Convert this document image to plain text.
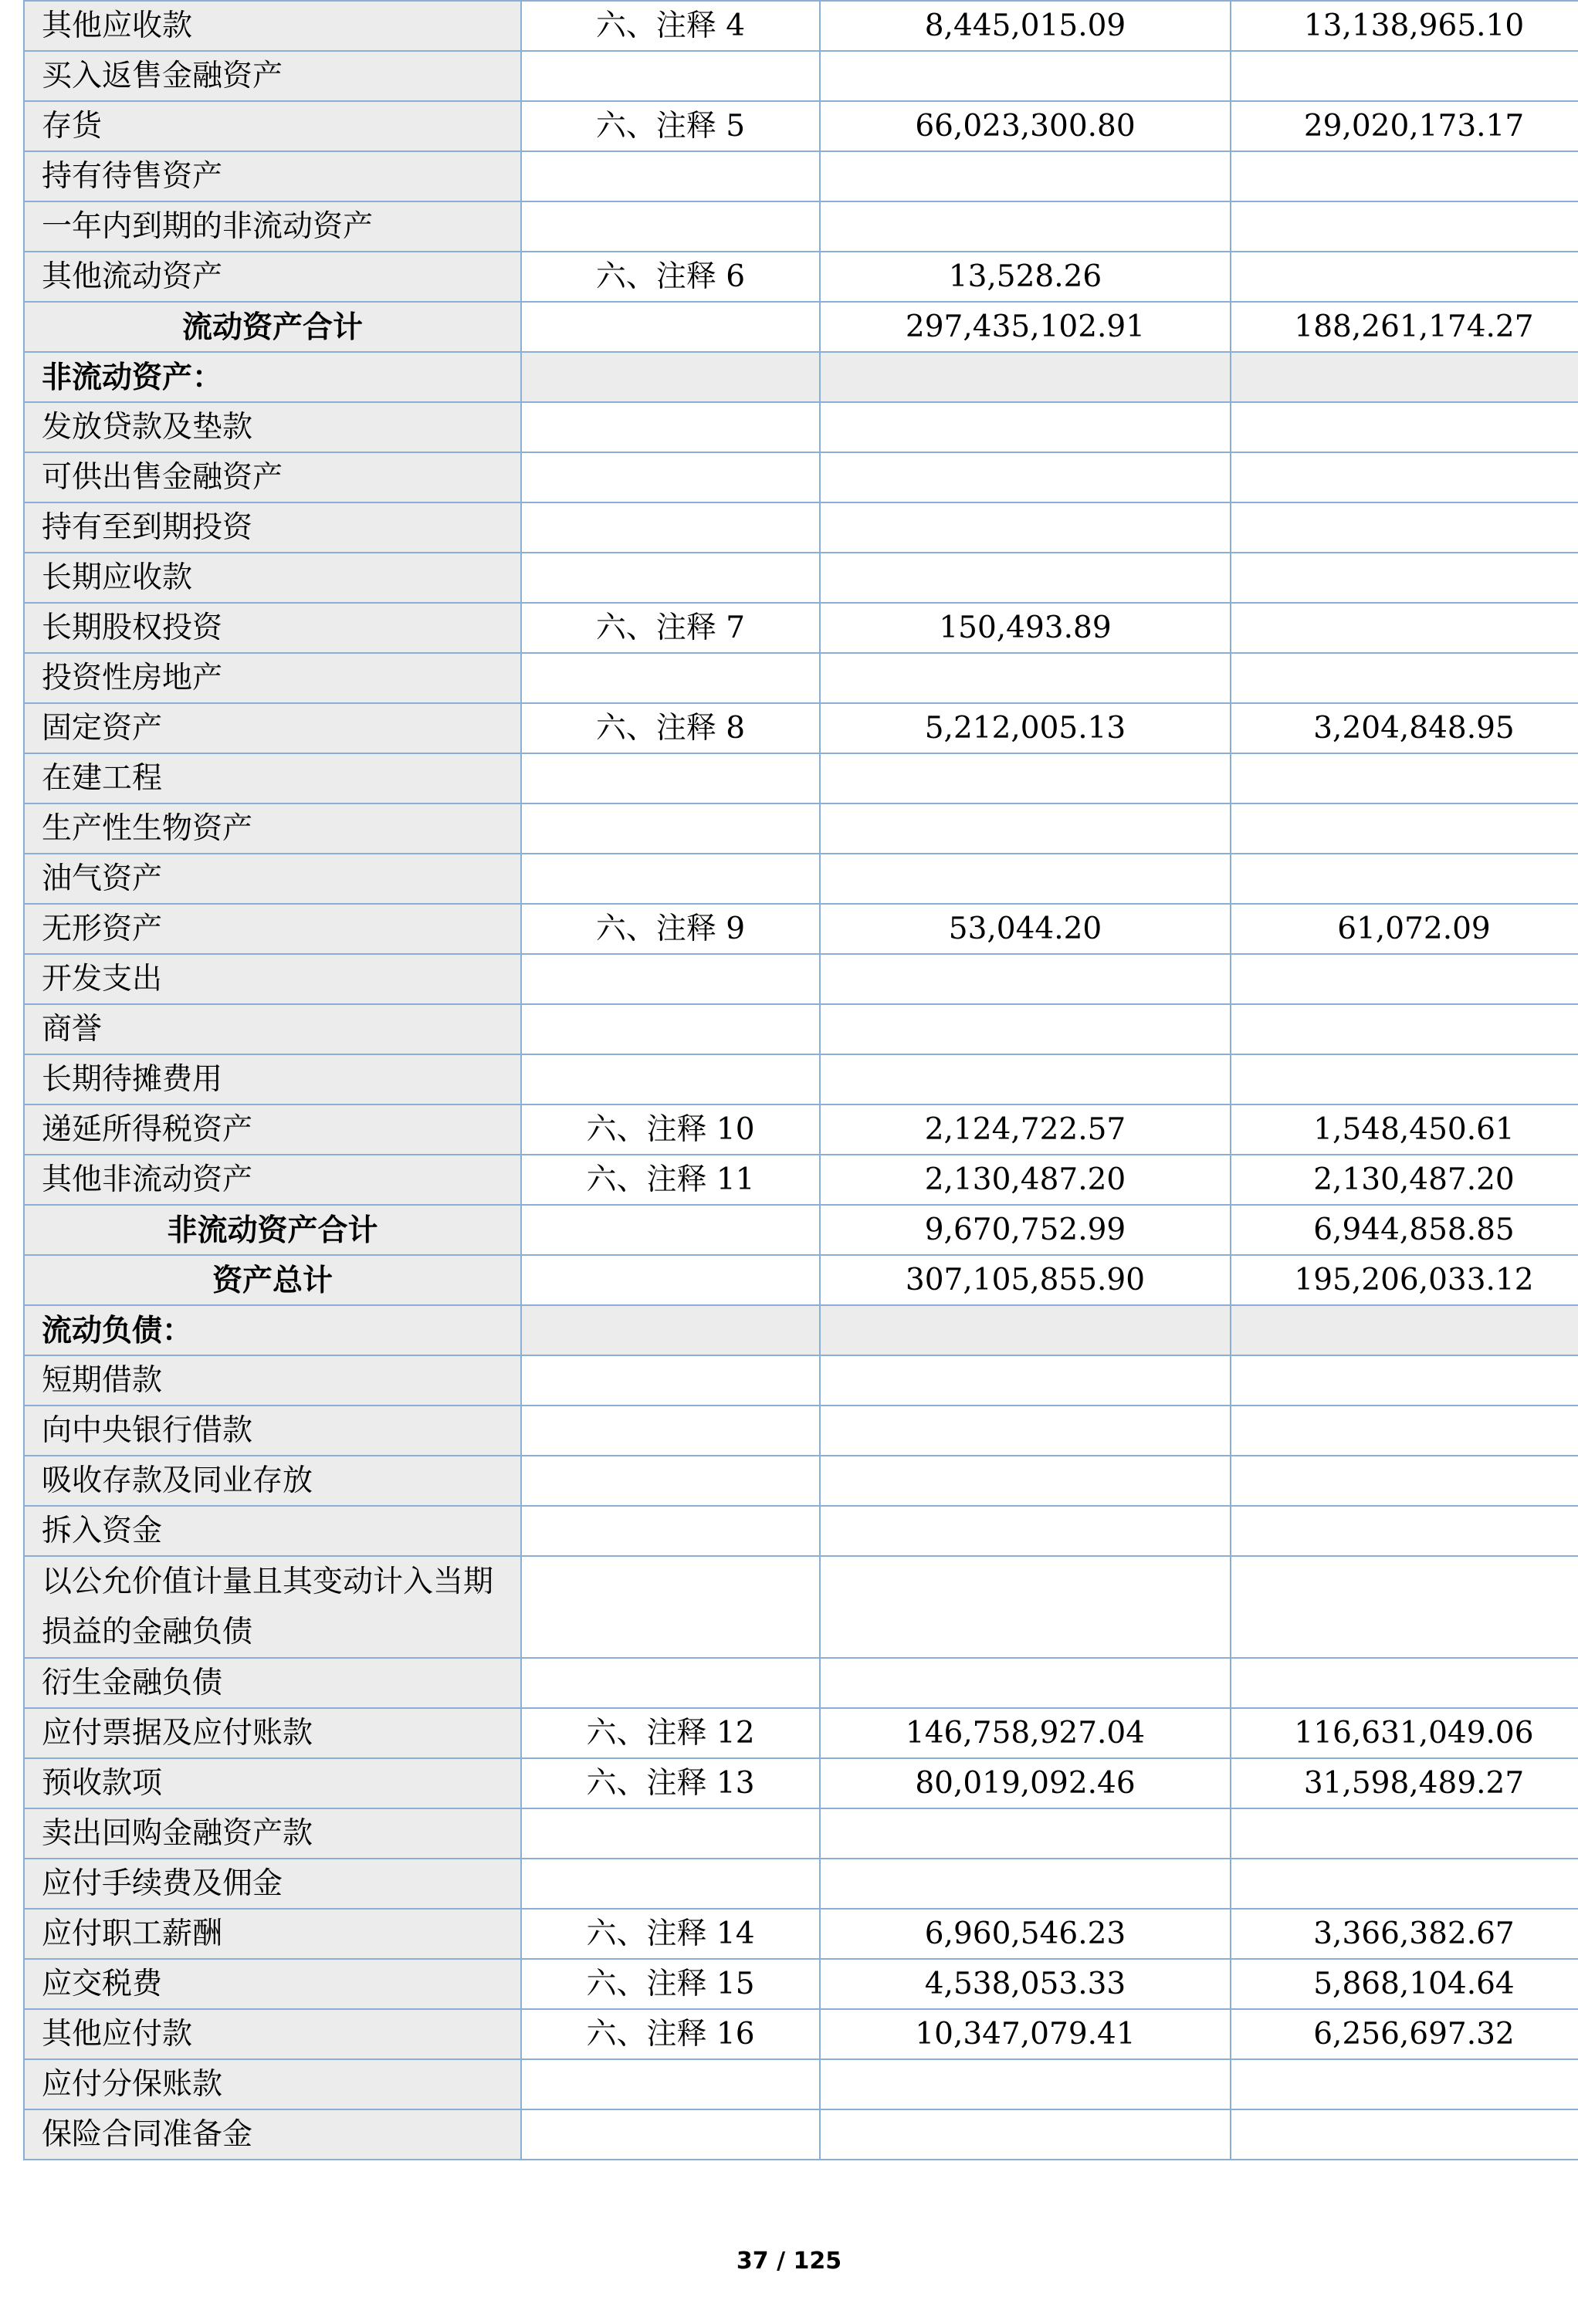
其他应收款	六、注释 4	8,445,015.09	13,138,965.10
买入返售金融资产			
存货	六、注释 5	66,023,300.80	29,020,173.17
持有待售资产			
一年内到期的非流动资产			
其他流动资产	六、注释 6	13,528.26	
流动资产合计		297,435,102.91	188,261,174.27
非流动资产：			
发放贷款及垫款			
可供出售金融资产			
持有至到期投资			
长期应收款			
长期股权投资	六、注释 7	150,493.89	
投资性房地产			
固定资产	六、注释 8	5,212,005.13	3,204,848.95
在建工程			
生产性生物资产			
油气资产			
无形资产	六、注释 9	53,044.20	61,072.09
开发支出			
商誉			
长期待摊费用			
递延所得税资产	六、注释 10	2,124,722.57	1,548,450.61
其他非流动资产	六、注释 11	2,130,487.20	2,130,487.20
非流动资产合计		9,670,752.99	6,944,858.85
资产总计		307,105,855.90	195,206,033.12
流动负债：			
短期借款			
向中央银行借款			
吸收存款及同业存放			
拆入资金			
以公允价值计量且其变动计入当期损益的金融负债			
衍生金融负债			
应付票据及应付账款	六、注释 12	146,758,927.04	116,631,049.06
预收款项	六、注释 13	80,019,092.46	31,598,489.27
卖出回购金融资产款			
应付手续费及佣金			
应付职工薪酬	六、注释 14	6,960,546.23	3,366,382.67
应交税费	六、注释 15	4,538,053.33	5,868,104.64
其他应付款	六、注释 16	10,347,079.41	6,256,697.32
应付分保账款			
保险合同准备金			
37 / 125
